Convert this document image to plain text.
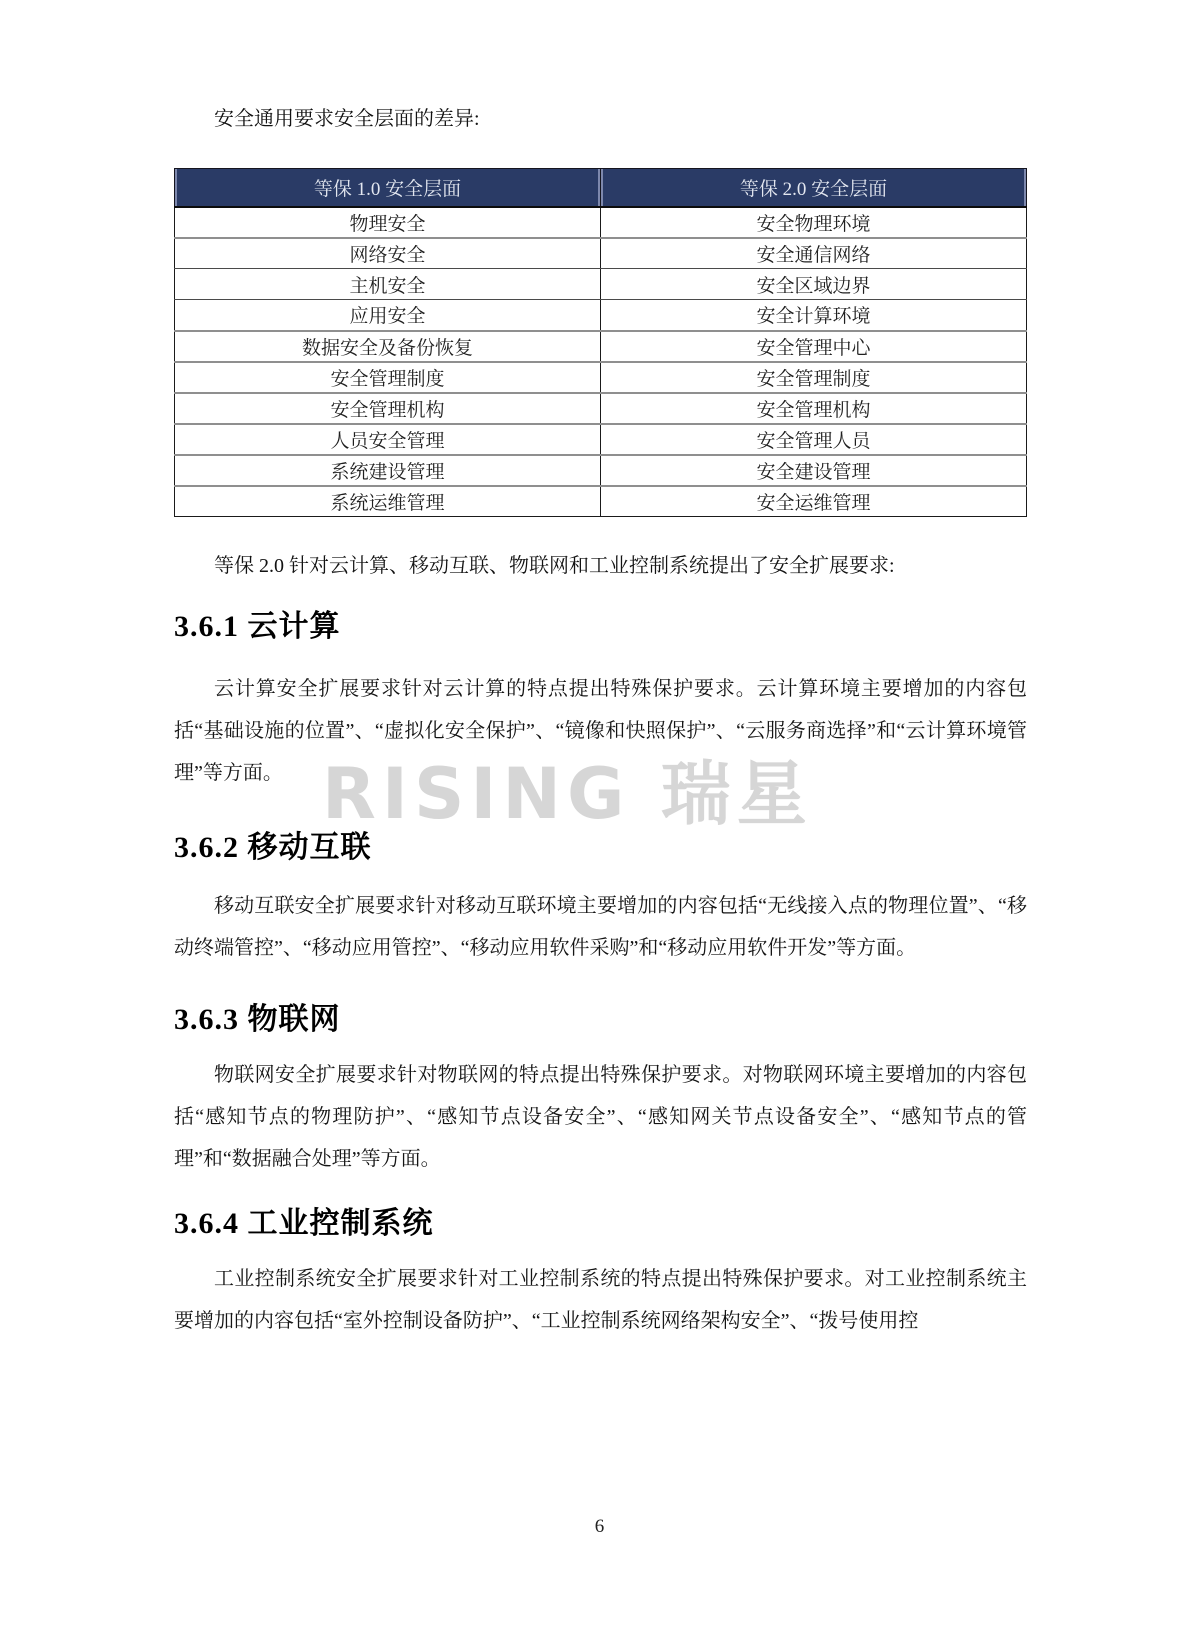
RISING 瑞星

安全通用要求安全层面的差异:

等保 1.0 安全层面	等保 2.0 安全层面
物理安全	安全物理环境
网络安全	安全通信网络
主机安全	安全区域边界
应用安全	安全计算环境
数据安全及备份恢复	安全管理中心
安全管理制度	安全管理制度
安全管理机构	安全管理机构
人员安全管理	安全管理人员
系统建设管理	安全建设管理
系统运维管理	安全运维管理

等保 2.0 针对云计算、移动互联、物联网和工业控制系统提出了安全扩展要求:

3.6.1 云计算

云计算安全扩展要求针对云计算的特点提出特殊保护要求。云计算环境主要增加的内容包括“基础设施的位置”、“虚拟化安全保护”、“镜像和快照保护”、“云服务商选择”和“云计算环境管理”等方面。

3.6.2 移动互联

移动互联安全扩展要求针对移动互联环境主要增加的内容包括“无线接入点的物理位置”、“移动终端管控”、“移动应用管控”、“移动应用软件采购”和“移动应用软件开发”等方面。

3.6.3 物联网

物联网安全扩展要求针对物联网的特点提出特殊保护要求。对物联网环境主要增加的内容包括“感知节点的物理防护”、“感知节点设备安全”、“感知网关节点设备安全”、“感知节点的管理”和“数据融合处理”等方面。

3.6.4 工业控制系统

工业控制系统安全扩展要求针对工业控制系统的特点提出特殊保护要求。对工业控制系统主要增加的内容包括“室外控制设备防护”、“工业控制系统网络架构安全”、“拨号使用控

6
